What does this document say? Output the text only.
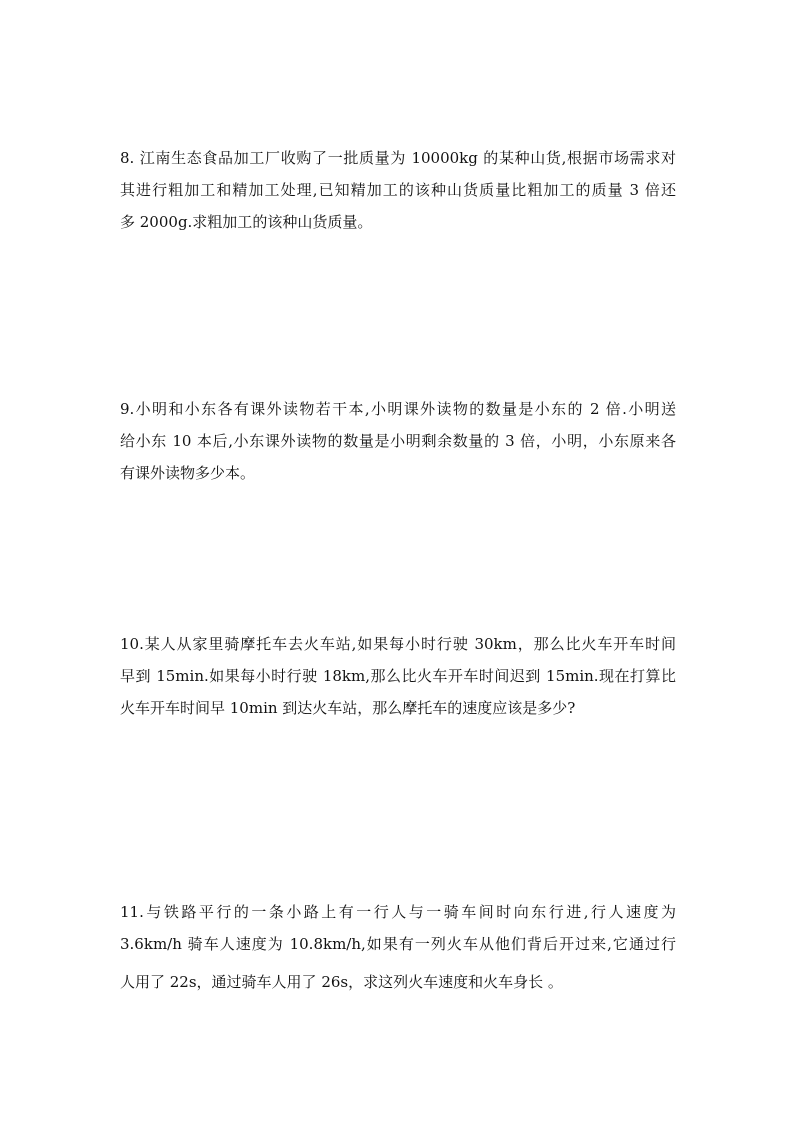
8. 江南生态食品加工厂收购了一批质量为 10000kg 的某种山货,根据市场需求对
其进行粗加工和精加工处理,已知精加工的该种山货质量比粗加工的质量 3 倍还
多 2000g.求粗加工的该种山货质量。
9.小明和小东各有课外读物若干本,小明课外读物的数量是小东的 2 倍.小明送
给小东 10 本后,小东课外读物的数量是小明剩余数量的 3 倍，小明，小东原来各
有课外读物多少本。
10.某人从家里骑摩托车去火车站,如果每小时行驶 30km，那么比火车开车时间
早到 15min.如果每小时行驶 18km,那么比火车开车时间迟到 15min.现在打算比
火车开车时间早 10min 到达火车站，那么摩托车的速度应该是多少?
11.与铁路平行的一条小路上有一行人与一骑车间时向东行进,行人速度为
3.6km/h 骑车人速度为 10.8km/h,如果有一列火车从他们背后开过来,它通过行
人用了 22s，通过骑车人用了 26s，求这列火车速度和火车身长 。
